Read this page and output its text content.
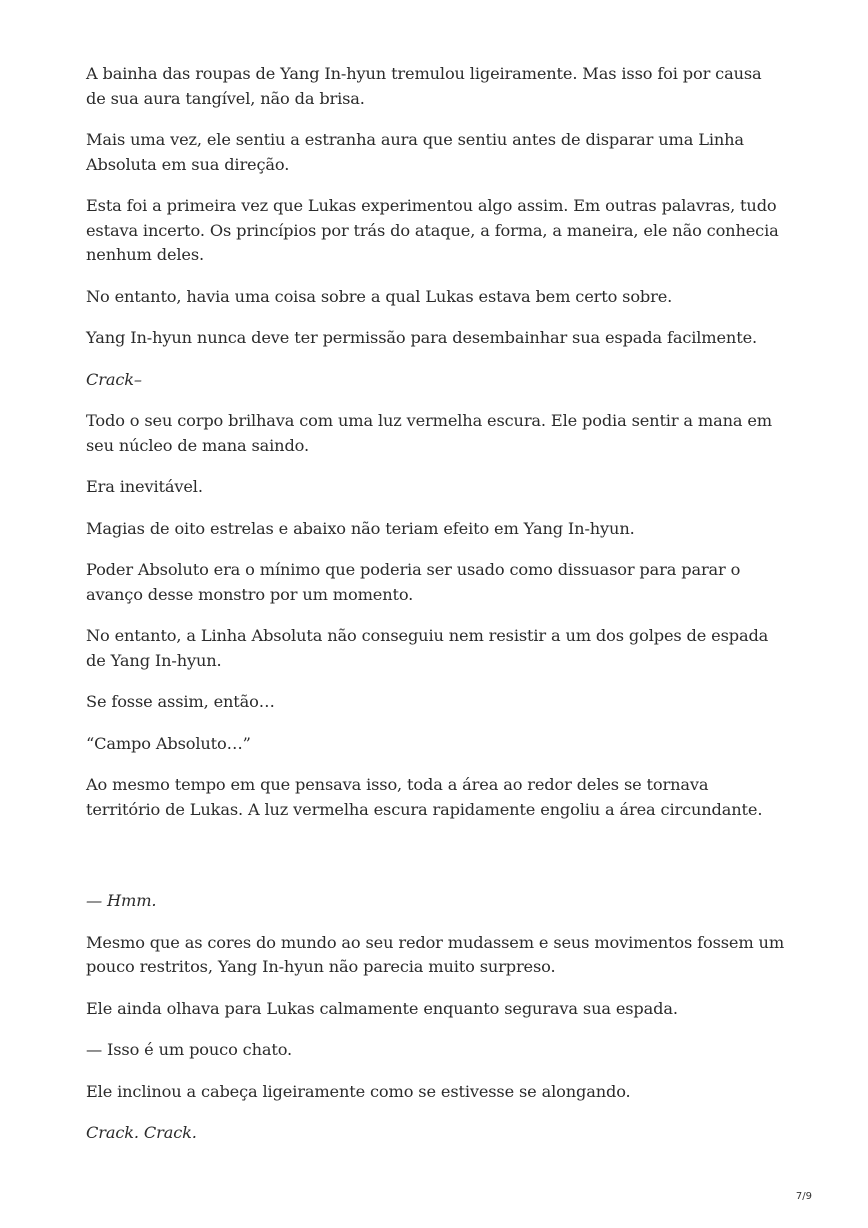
A bainha das roupas de Yang In-hyun tremulou ligeiramente. Mas isso foi por causa de sua aura tangível, não da brisa.

Mais uma vez, ele sentiu a estranha aura que sentiu antes de disparar uma Linha Absoluta em sua direção.

Esta foi a primeira vez que Lukas experimentou algo assim. Em outras palavras, tudo estava incerto. Os princípios por trás do ataque, a forma, a maneira, ele não conhecia nenhum deles.

No entanto, havia uma coisa sobre a qual Lukas estava bem certo sobre.

Yang In-hyun nunca deve ter permissão para desembainhar sua espada facilmente.

Crack–

Todo o seu corpo brilhava com uma luz vermelha escura. Ele podia sentir a mana em seu núcleo de mana saindo.

Era inevitável.

Magias de oito estrelas e abaixo não teriam efeito em Yang In-hyun.

Poder Absoluto era o mínimo que poderia ser usado como dissuasor para parar o avanço desse monstro por um momento.

No entanto, a Linha Absoluta não conseguiu nem resistir a um dos golpes de espada de Yang In-hyun.

Se fosse assim, então…

“Campo Absoluto…”

Ao mesmo tempo em que pensava isso, toda a área ao redor deles se tornava território de Lukas. A luz vermelha escura rapidamente engoliu a área circundante.

— Hmm.

Mesmo que as cores do mundo ao seu redor mudassem e seus movimentos fossem um pouco restritos, Yang In-hyun não parecia muito surpreso.

Ele ainda olhava para Lukas calmamente enquanto segurava sua espada.

— Isso é um pouco chato.

Ele inclinou a cabeça ligeiramente como se estivesse se alongando.

Crack. Crack.

7/9
